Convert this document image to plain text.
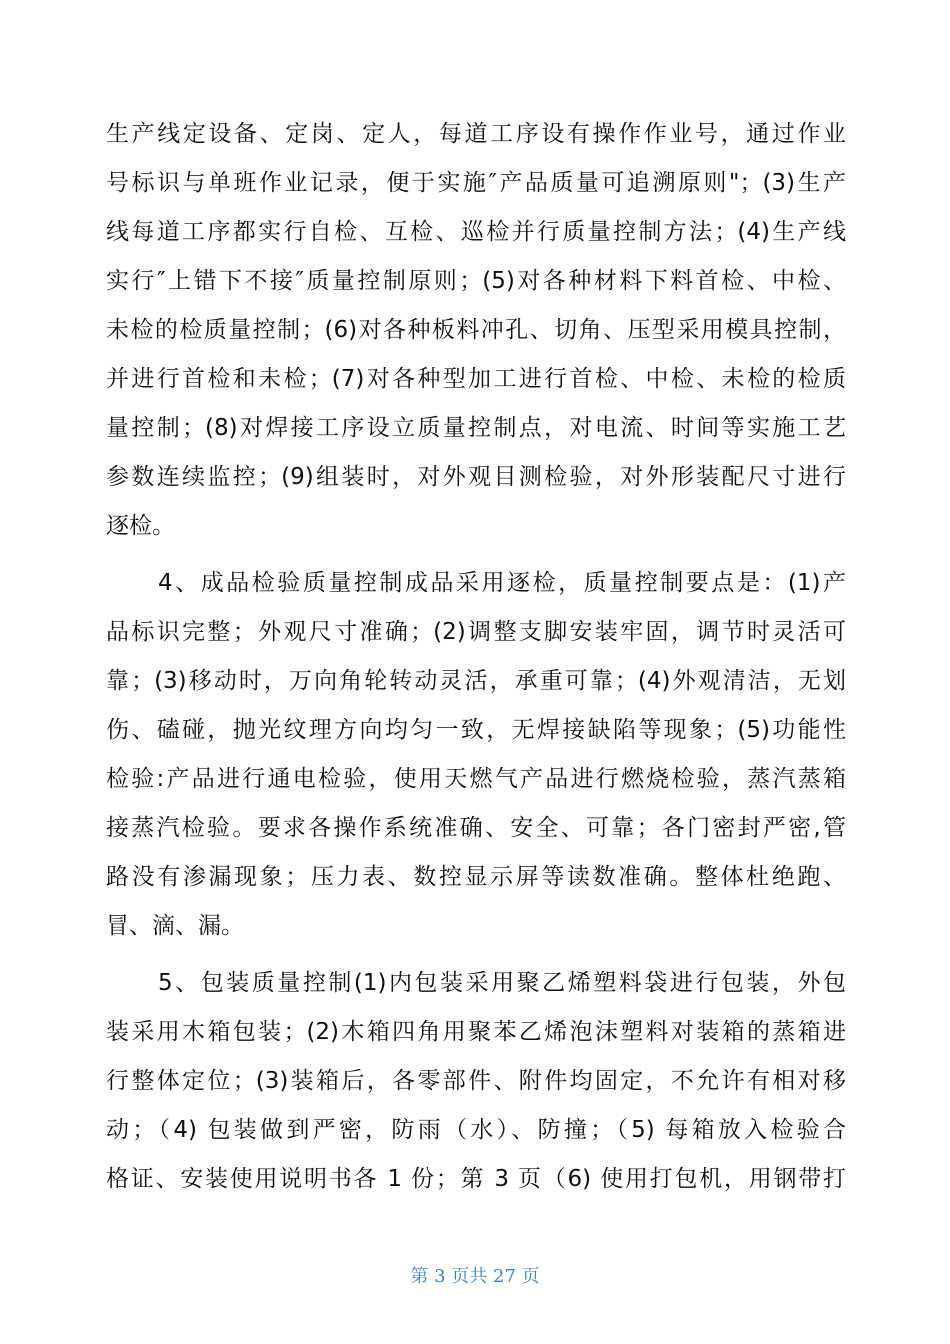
生产线定设备、定岗、定人，每道工序设有操作作业号，通过作业
号标识与单班作业记录，便于实施″产品质量可追溯原则"；(3)生产
线每道工序都实行自检、互检、巡检并行质量控制方法；(4)生产线
实行″上错下不接″质量控制原则；(5)对各种材料下料首检、中检、
未检的检质量控制；(6)对各种板料冲孔、切角、压型采用模具控制，
并进行首检和未检；(7)对各种型加工进行首检、中检、未检的检质
量控制；(8)对焊接工序设立质量控制点，对电流、时间等实施工艺
参数连续监控；(9)组装时，对外观目测检验，对外形装配尺寸进行
逐检。
4、成品检验质量控制成品采用逐检，质量控制要点是：(1)产
品标识完整；外观尺寸准确；(2)调整支脚安装牢固，调节时灵活可
靠；(3)移动时，万向角轮转动灵活，承重可靠；(4)外观清洁，无划
伤、磕碰，抛光纹理方向均匀一致，无焊接缺陷等现象；(5)功能性
检验:产品进行通电检验，使用天燃气产品进行燃烧检验，蒸汽蒸箱
接蒸汽检验。要求各操作系统准确、安全、可靠；各门密封严密,管
路没有渗漏现象；压力表、数控显示屏等读数准确。整体杜绝跑、
冒、滴、漏。
5、包装质量控制(1)内包装采用聚乙烯塑料袋进行包装，外包
装采用木箱包装；(2)木箱四角用聚苯乙烯泡沫塑料对装箱的蒸箱进
行整体定位；(3)装箱后，各零部件、附件均固定，不允许有相对移
动；（4) 包装做到严密，防雨（水）、防撞；（5) 每箱放入检验合
格证、安装使用说明书各 1 份；第 3 页（6) 使用打包机，用钢带打
第 3 页共 27 页
